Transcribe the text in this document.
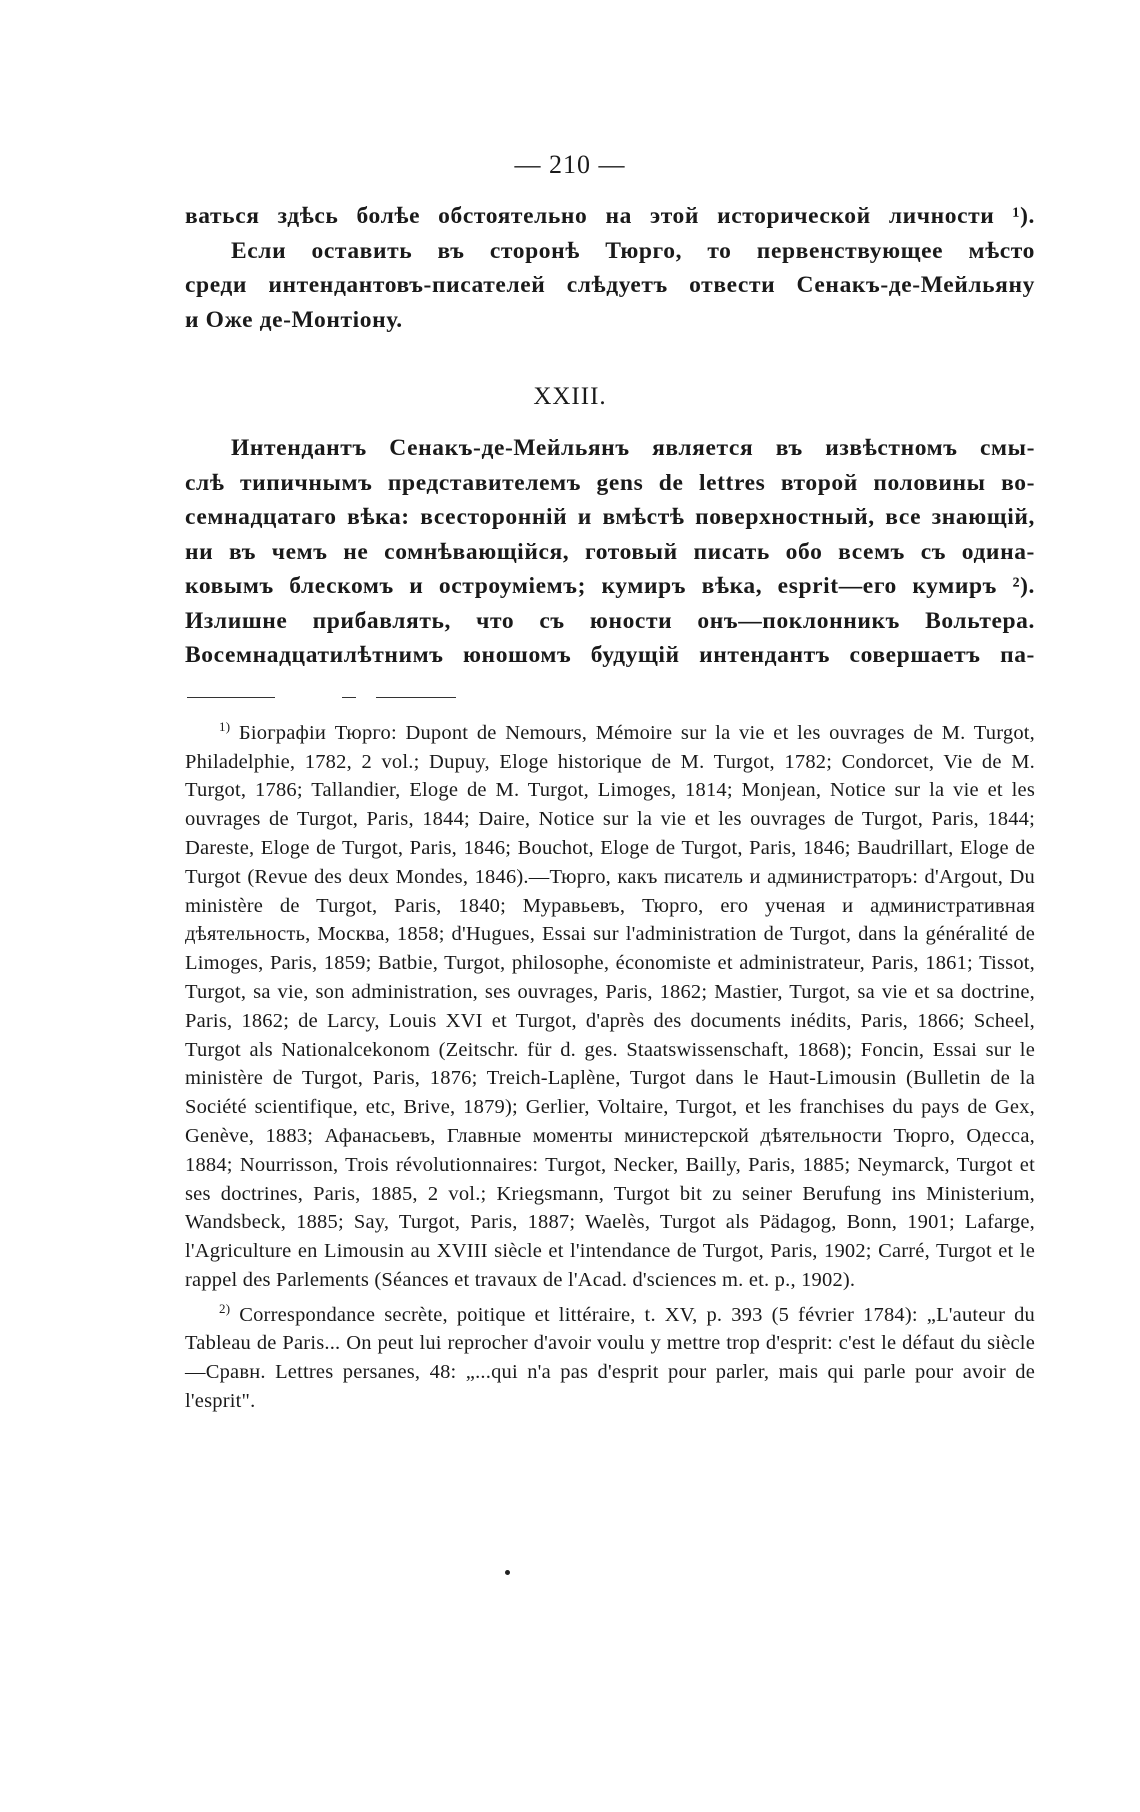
— 210 —
ваться здѣсь болѣе обстоятельно на этой исторической личности ¹).
Если оставить въ сторонѣ Тюрго, то первенствующее мѣсто
среди интендантовъ-писателей слѣдуетъ отвести Сенакъ-де-Мейльяну
и Оже де-Монтіону.
XXIII.
Интендантъ Сенакъ-де-Мейльянъ является въ извѣстномъ смы-
слѣ типичнымъ представителемъ gens de lettres второй половины во-
семнадцатаго вѣка: всесторонній и вмѣстѣ поверхностный, все знающій,
ни въ чемъ не сомнѣвающійся, готовый писать обо всемъ съ одина-
ковымъ блескомъ и остроуміемъ; кумиръ вѣка, esprit—его кумиръ ²).
Излишне прибавлять, что съ юности онъ—поклонникъ Вольтера.
Восемнадцатилѣтнимъ юношомъ будущій интендантъ совершаетъ па-

$^{1)}$ Біографіи Тюрго: Dupont de Nemours, Mémoire sur la vie et les ouvrages de M. Turgot, Philadelphie, 1782, 2 vol.; Dupuy, Eloge historique de M. Turgot, 1782; Condorcet, Vie de M. Turgot, 1786; Tallandier, Eloge de M. Turgot, Limoges, 1814; Monjean, Notice sur la vie et les ouvrages de Turgot, Paris, 1844; Daire, Notice sur la vie et les ouvrages de Turgot, Paris, 1844; Dareste, Eloge de Turgot, Paris, 1846; Bouchot, Eloge de Turgot, Paris, 1846; Baudrillart, Eloge de Turgot (Revue des deux Mondes, 1846).—Тюрго, какъ писатель и администраторъ: d'Argout, Du ministère de Turgot, Paris, 1840; Муравьевъ, Тюрго, его ученая и административная дѣятельность, Москва, 1858; d'Hugues, Essai sur l'administration de Turgot, dans la généralité de Limoges, Paris, 1859; Batbie, Turgot, philosophe, économiste et administrateur, Paris, 1861; Tissot, Turgot, sa vie, son administration, ses ouvrages, Paris, 1862; Mastier, Turgot, sa vie et sa doctrine, Paris, 1862; de Larcy, Louis XVI et Turgot, d'après des documents inédits, Paris, 1866; Scheel, Turgot als Nationalcekonom (Zeitschr. für d. ges. Staatswissenschaft, 1868); Foncin, Essai sur le ministère de Turgot, Paris, 1876; Treich-Laplène, Turgot dans le Haut-Limousin (Bulletin de la Société scientifique, etc, Brive, 1879); Gerlier, Voltaire, Turgot, et les franchises du pays de Gex, Genève, 1883; Афанасьевъ, Главные моменты министерской дѣятельности Тюрго, Одесса, 1884; Nourrisson, Trois révolutionnaires: Turgot, Necker, Bailly, Paris, 1885; Neymarck, Turgot et ses doctrines, Paris, 1885, 2 vol.; Kriegsmann, Turgot bit zu seiner Berufung ins Ministerium, Wandsbeck, 1885; Say, Turgot, Paris, 1887; Waelès, Turgot als Pädagog, Bonn, 1901; Lafarge, l'Agriculture en Limousin au XVIII siècle et l'intendance de Turgot, Paris, 1902; Carré, Turgot et le rappel des Parlements (Séances et travaux de l'Acad. d'sciences m. et. p., 1902).

$^{2)}$ Correspondance secrète, poitique et littéraire, t. XV, p. 393 (5 février 1784): „L'auteur du Tableau de Paris... On peut lui reprocher d'avoir voulu y mettre trop d'esprit: c'est le défaut du siècle—Сравн. Lettres persanes, 48: „...qui n'a pas d'esprit pour parler, mais qui parle pour avoir de l'esprit".
